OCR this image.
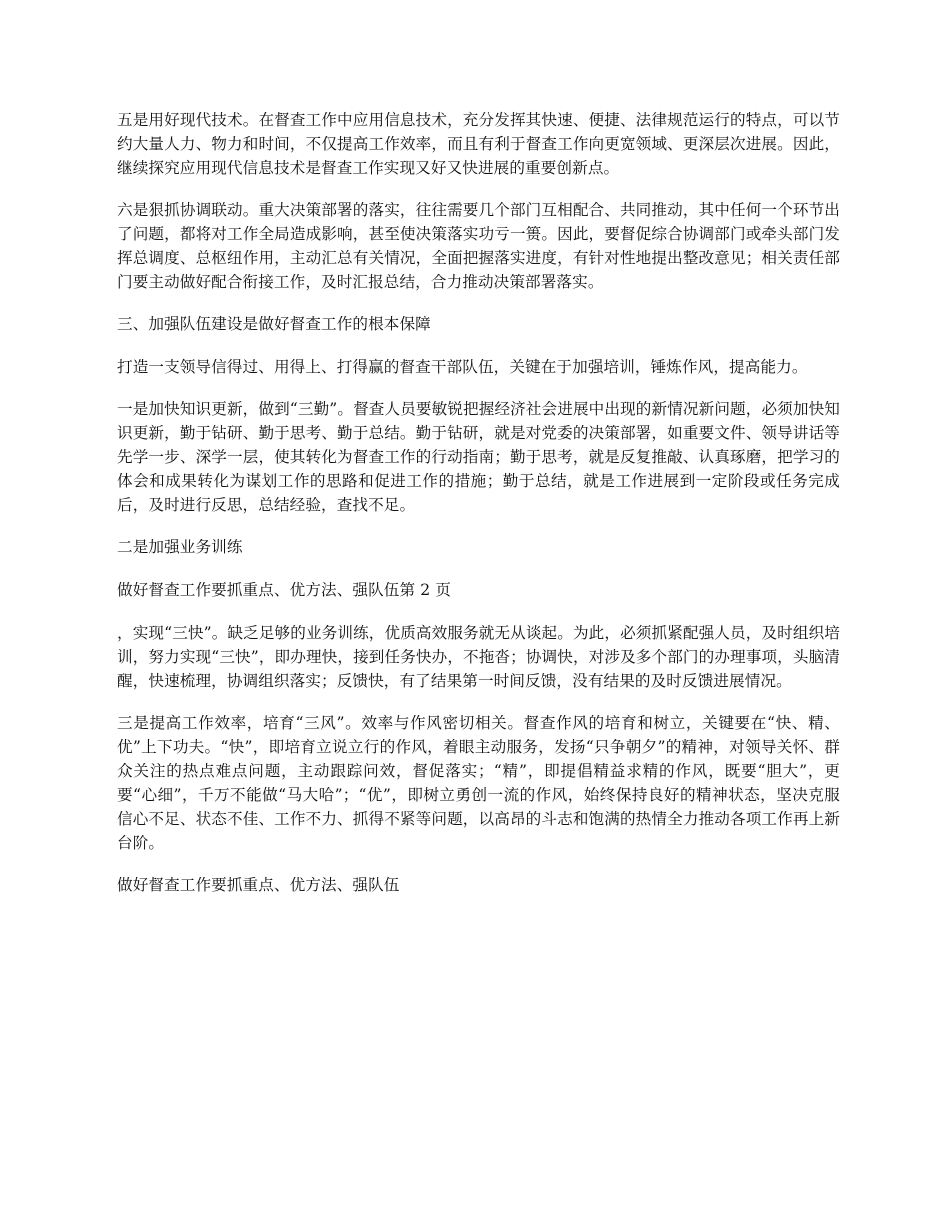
五是用好现代技术。在督查工作中应用信息技术，充分发挥其快速、便捷、法律规范运行的特点，可以节约大量人力、物力和时间，不仅提高工作效率，而且有利于督查工作向更宽领域、更深层次进展。因此，继续探究应用现代信息技术是督查工作实现又好又快进展的重要创新点。

六是狠抓协调联动。重大决策部署的落实，往往需要几个部门互相配合、共同推动，其中任何一个环节出了问题，都将对工作全局造成影响，甚至使决策落实功亏一篑。因此，要督促综合协调部门或牵头部门发挥总调度、总枢纽作用，主动汇总有关情况，全面把握落实进度，有针对性地提出整改意见；相关责任部门要主动做好配合衔接工作，及时汇报总结，合力推动决策部署落实。

三、加强队伍建设是做好督查工作的根本保障

打造一支领导信得过、用得上、打得赢的督查干部队伍，关键在于加强培训，锤炼作风，提高能力。

一是加快知识更新，做到“三勤”。督查人员要敏锐把握经济社会进展中出现的新情况新问题，必须加快知识更新，勤于钻研、勤于思考、勤于总结。勤于钻研，就是对党委的决策部署，如重要文件、领导讲话等先学一步、深学一层，使其转化为督查工作的行动指南；勤于思考，就是反复推敲、认真琢磨，把学习的体会和成果转化为谋划工作的思路和促进工作的措施；勤于总结，就是工作进展到一定阶段或任务完成后，及时进行反思，总结经验，查找不足。

二是加强业务训练

做好督查工作要抓重点、优方法、强队伍第 2 页

，实现“三快”。缺乏足够的业务训练，优质高效服务就无从谈起。为此，必须抓紧配强人员，及时组织培训，努力实现“三快”，即办理快，接到任务快办，不拖沓；协调快，对涉及多个部门的办理事项，头脑清醒，快速梳理，协调组织落实；反馈快，有了结果第一时间反馈，没有结果的及时反馈进展情况。

三是提高工作效率，培育“三风”。效率与作风密切相关。督查作风的培育和树立，关键要在“快、精、优”上下功夫。“快”，即培育立说立行的作风，着眼主动服务，发扬“只争朝夕”的精神，对领导关怀、群众关注的热点难点问题，主动跟踪问效，督促落实；“精”，即提倡精益求精的作风，既要“胆大”，更要“心细”，千万不能做“马大哈”；“优”，即树立勇创一流的作风，始终保持良好的精神状态，坚决克服信心不足、状态不佳、工作不力、抓得不紧等问题，以高昂的斗志和饱满的热情全力推动各项工作再上新台阶。

做好督查工作要抓重点、优方法、强队伍
